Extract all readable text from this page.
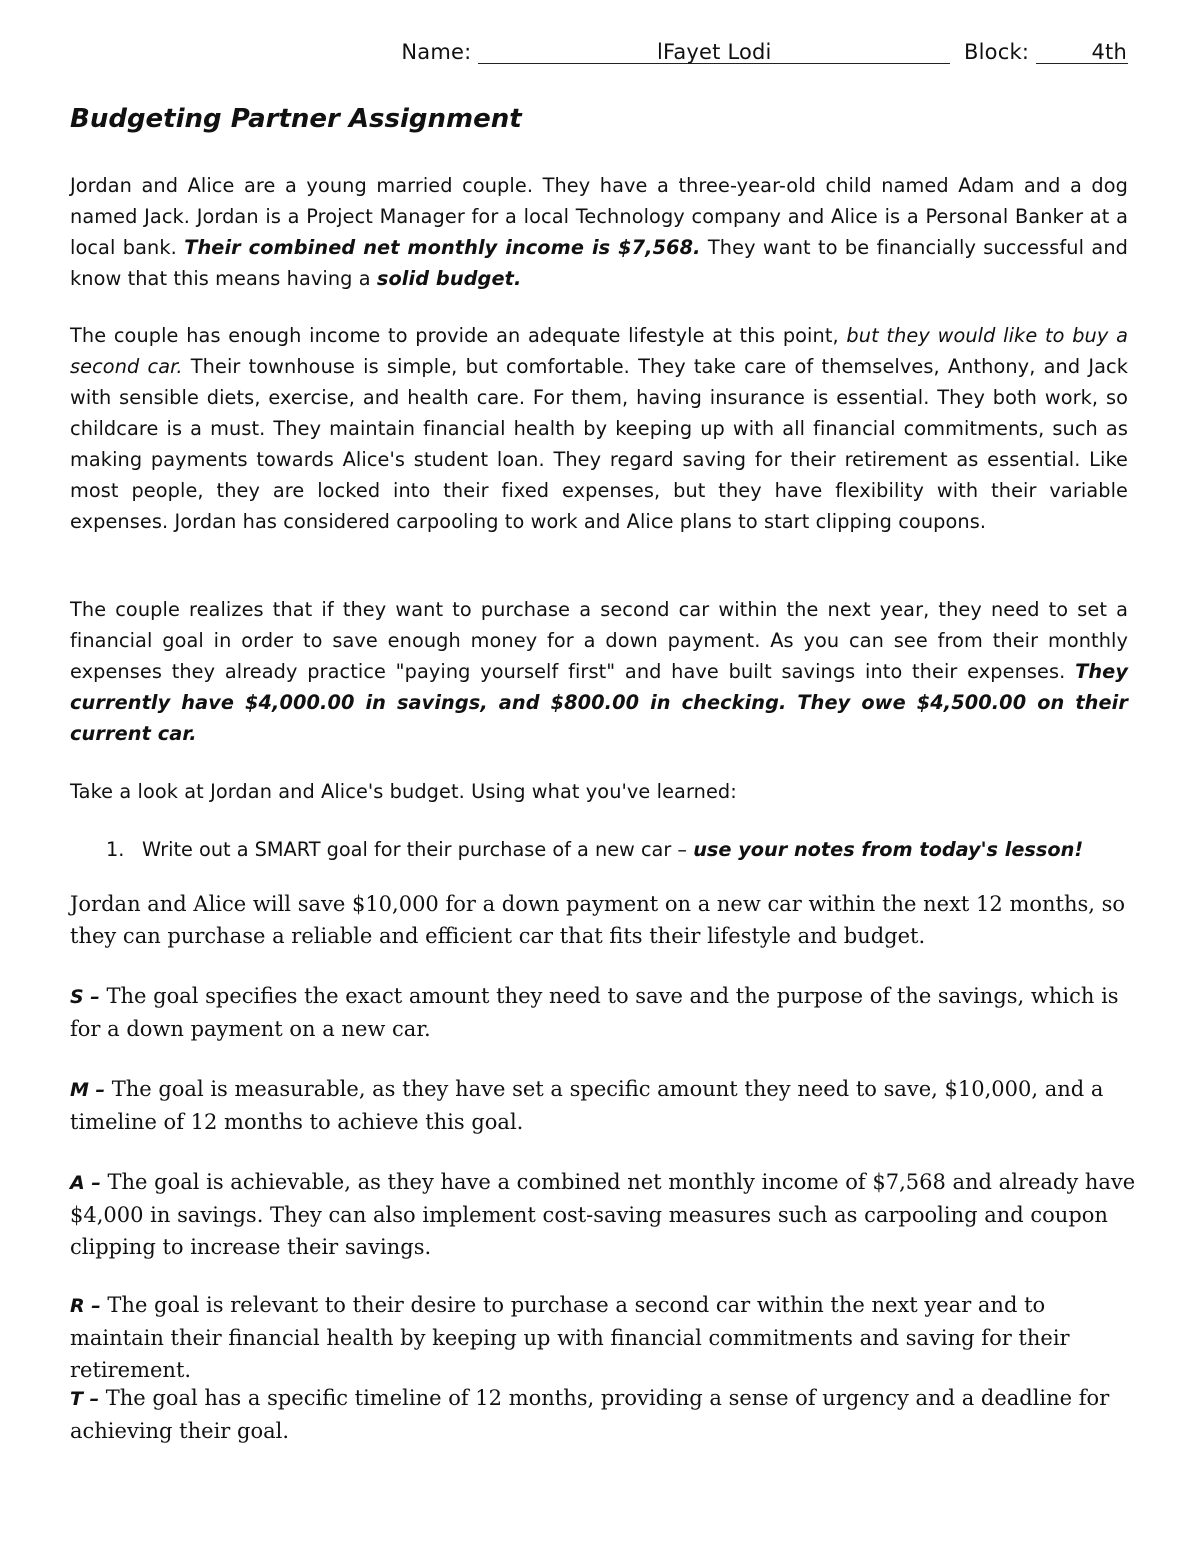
Name:	lFayet Lodi	Block:	4th
Budgeting Partner Assignment

Jordan and Alice are a young married couple. They have a three-year-old child named Adam and a dog named Jack. Jordan is a Project Manager for a local Technology company and Alice is a Personal Banker at a local bank. Their combined net monthly income is $7,568. They want to be financially successful and know that this means having a solid budget.

The couple has enough income to provide an adequate lifestyle at this point, but they would like to buy a second car. Their townhouse is simple, but comfortable. They take care of themselves, Anthony, and Jack with sensible diets, exercise, and health care. For them, having insurance is essential. They both work, so childcare is a must. They maintain financial health by keeping up with all financial commitments, such as making payments towards Alice's student loan. They regard saving for their retirement as essential. Like most people, they are locked into their fixed expenses, but they have flexibility with their variable expenses. Jordan has considered carpooling to work and Alice plans to start clipping coupons.

The couple realizes that if they want to purchase a second car within the next year, they need to set a financial goal in order to save enough money for a down payment. As you can see from their monthly expenses they already practice "paying yourself first" and have built savings into their expenses. They currently have $4,000.00 in savings, and $800.00 in checking. They owe $4,500.00 on their current car.

Take a look at Jordan and Alice's budget. Using what you've learned:

1. Write out a SMART goal for their purchase of a new car – use your notes from today's lesson!

Jordan and Alice will save $10,000 for a down payment on a new car within the next 12 months, so they can purchase a reliable and efficient car that fits their lifestyle and budget.

S – The goal specifies the exact amount they need to save and the purpose of the savings, which is for a down payment on a new car.

M – The goal is measurable, as they have set a specific amount they need to save, $10,000, and a timeline of 12 months to achieve this goal.

A – The goal is achievable, as they have a combined net monthly income of $7,568 and already have $4,000 in savings. They can also implement cost-saving measures such as carpooling and coupon clipping to increase their savings.

R – The goal is relevant to their desire to purchase a second car within the next year and to maintain their financial health by keeping up with financial commitments and saving for their retirement.

T – The goal has a specific timeline of 12 months, providing a sense of urgency and a deadline for achieving their goal.
